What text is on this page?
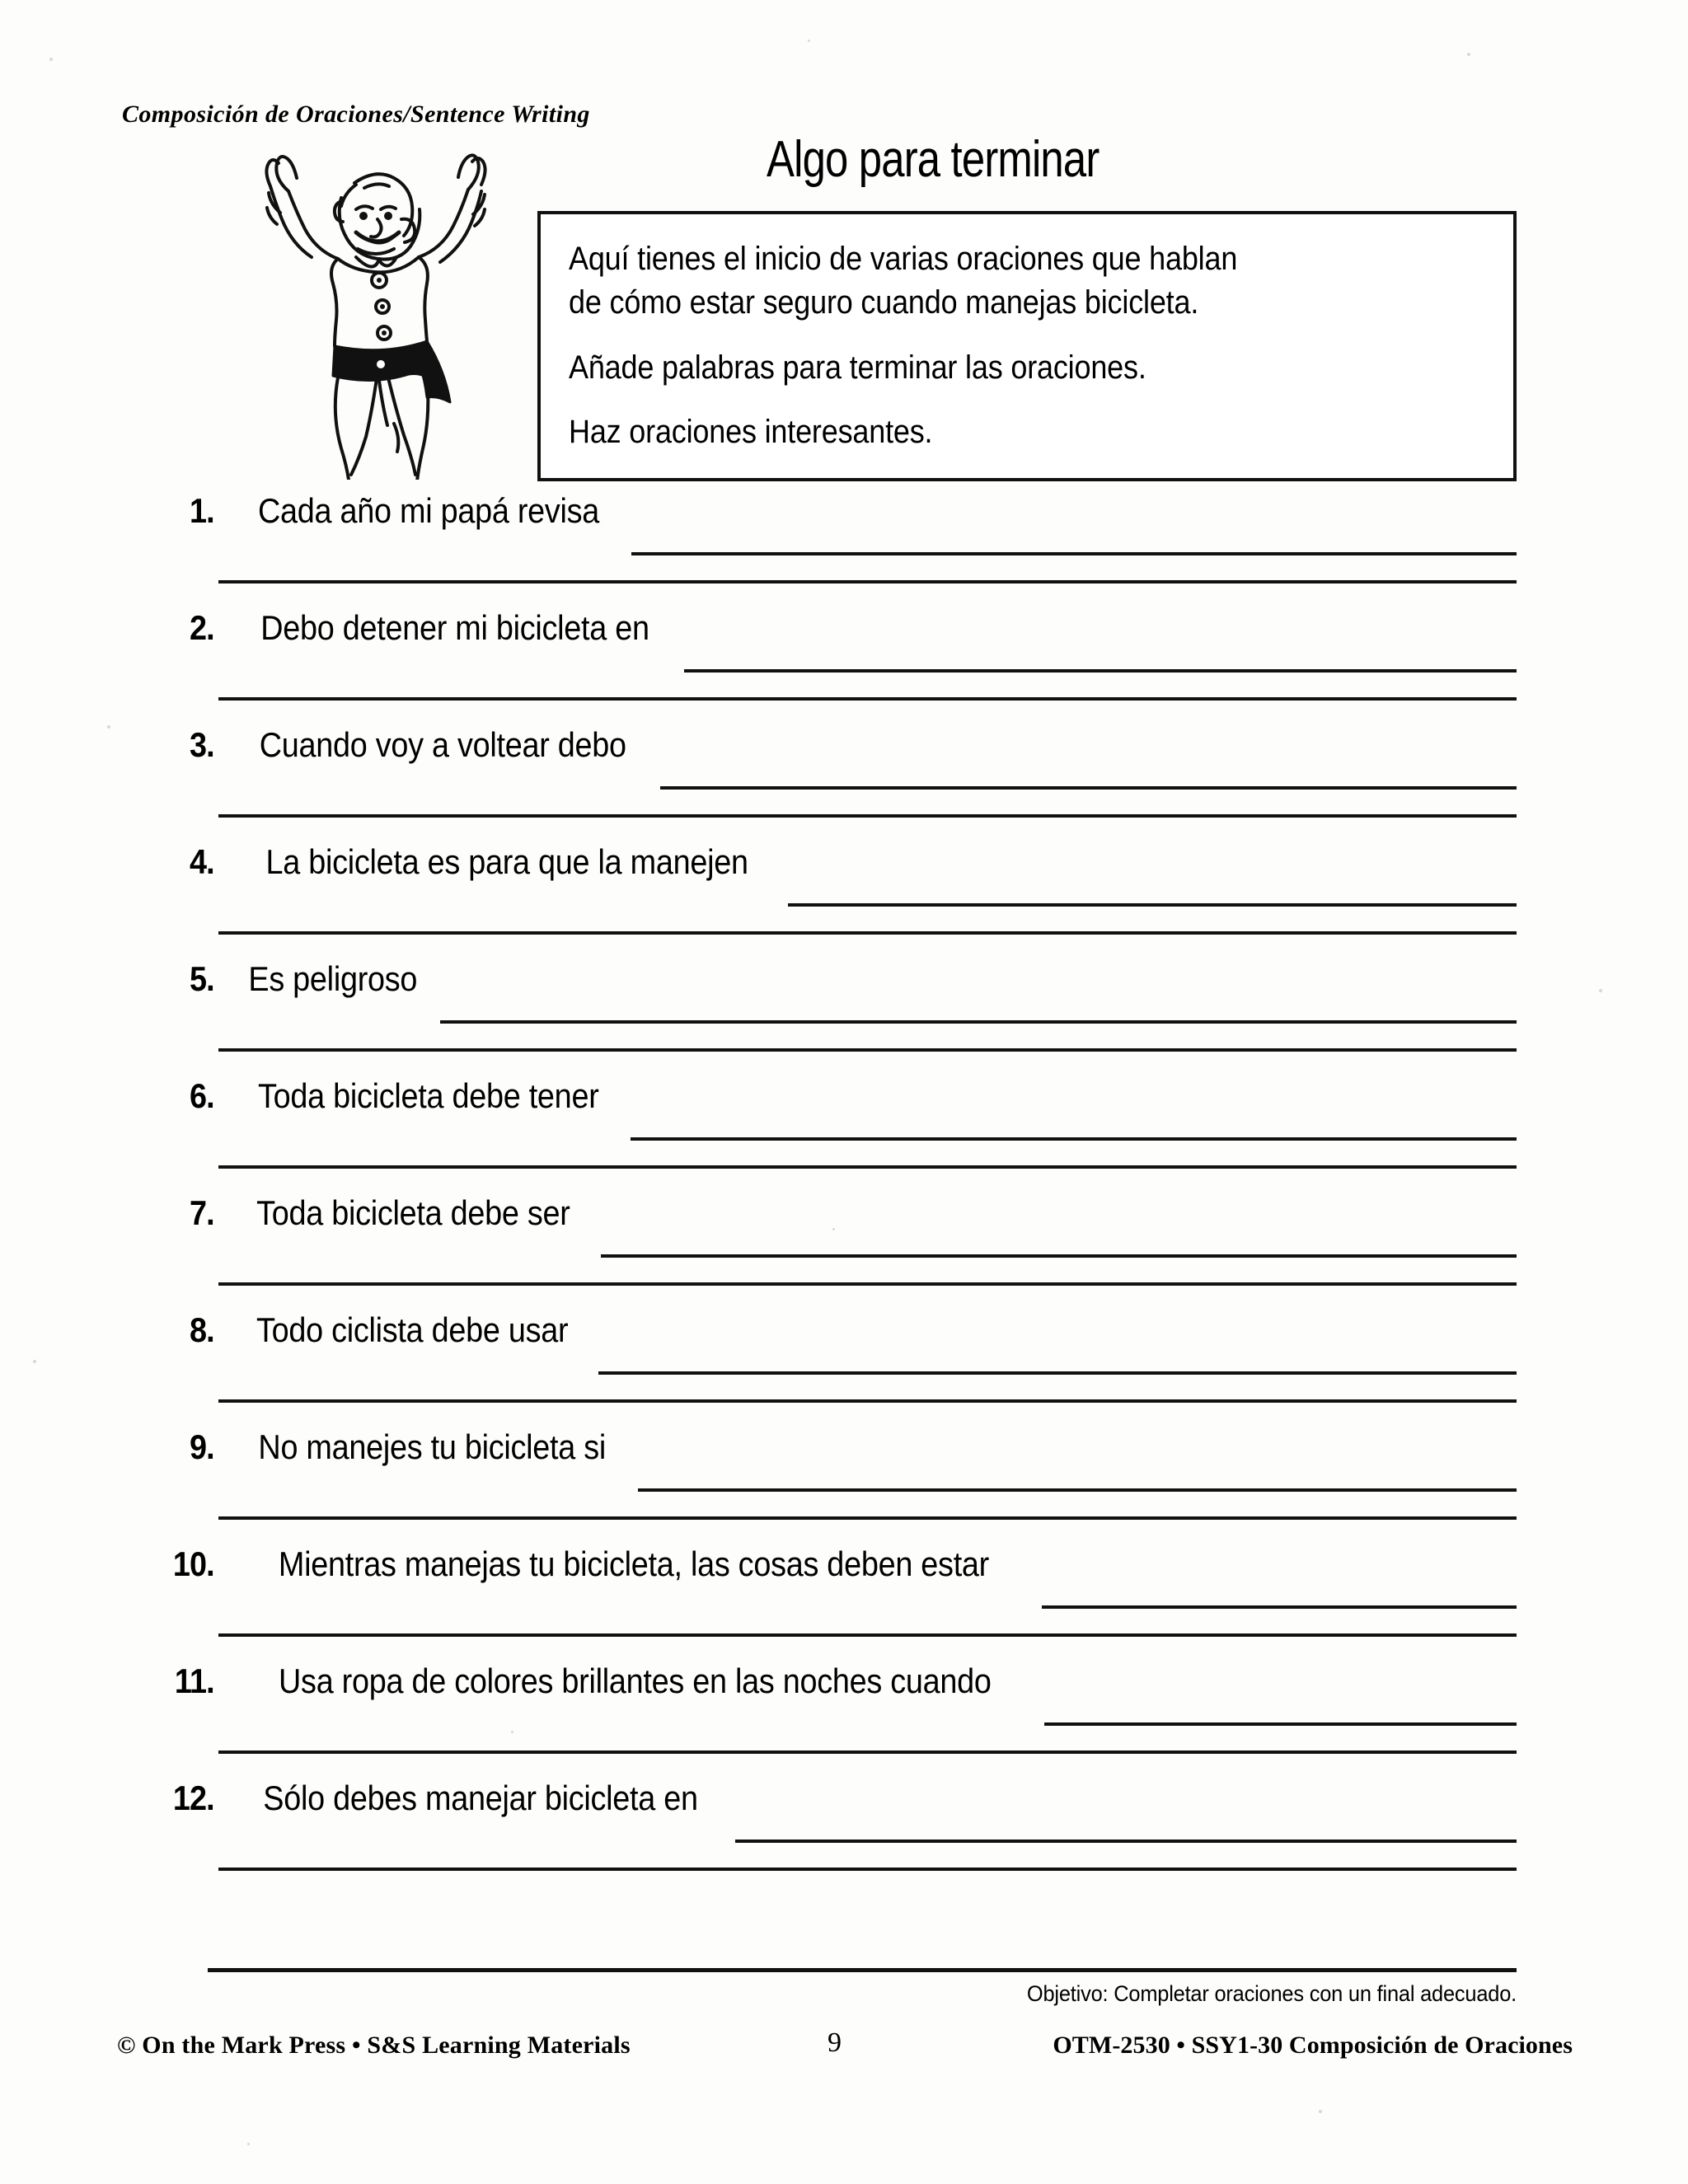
Composición de Oraciones/Sentence Writing
Algo para terminar
Aquí tienes el inicio de varias oraciones que hablan
de cómo estar seguro cuando manejas bicicleta.
Añade palabras para terminar las oraciones.
Haz oraciones interesantes.
1. Cada año mi papá revisa
2. Debo detener mi bicicleta en
3. Cuando voy a voltear debo
4. La bicicleta es para que la manejen
5. Es peligroso
6. Toda bicicleta debe tener
7. Toda bicicleta debe ser
8. Todo ciclista debe usar
9. No manejes tu bicicleta si
10. Mientras manejas tu bicicleta, las cosas deben estar
11. Usa ropa de colores brillantes en las noches cuando
12. Sólo debes manejar bicicleta en
Objetivo: Completar oraciones con un final adecuado.
© On the Mark Press • S&S Learning Materials	9	OTM-2530 • SSY1-30 Composición de Oraciones
